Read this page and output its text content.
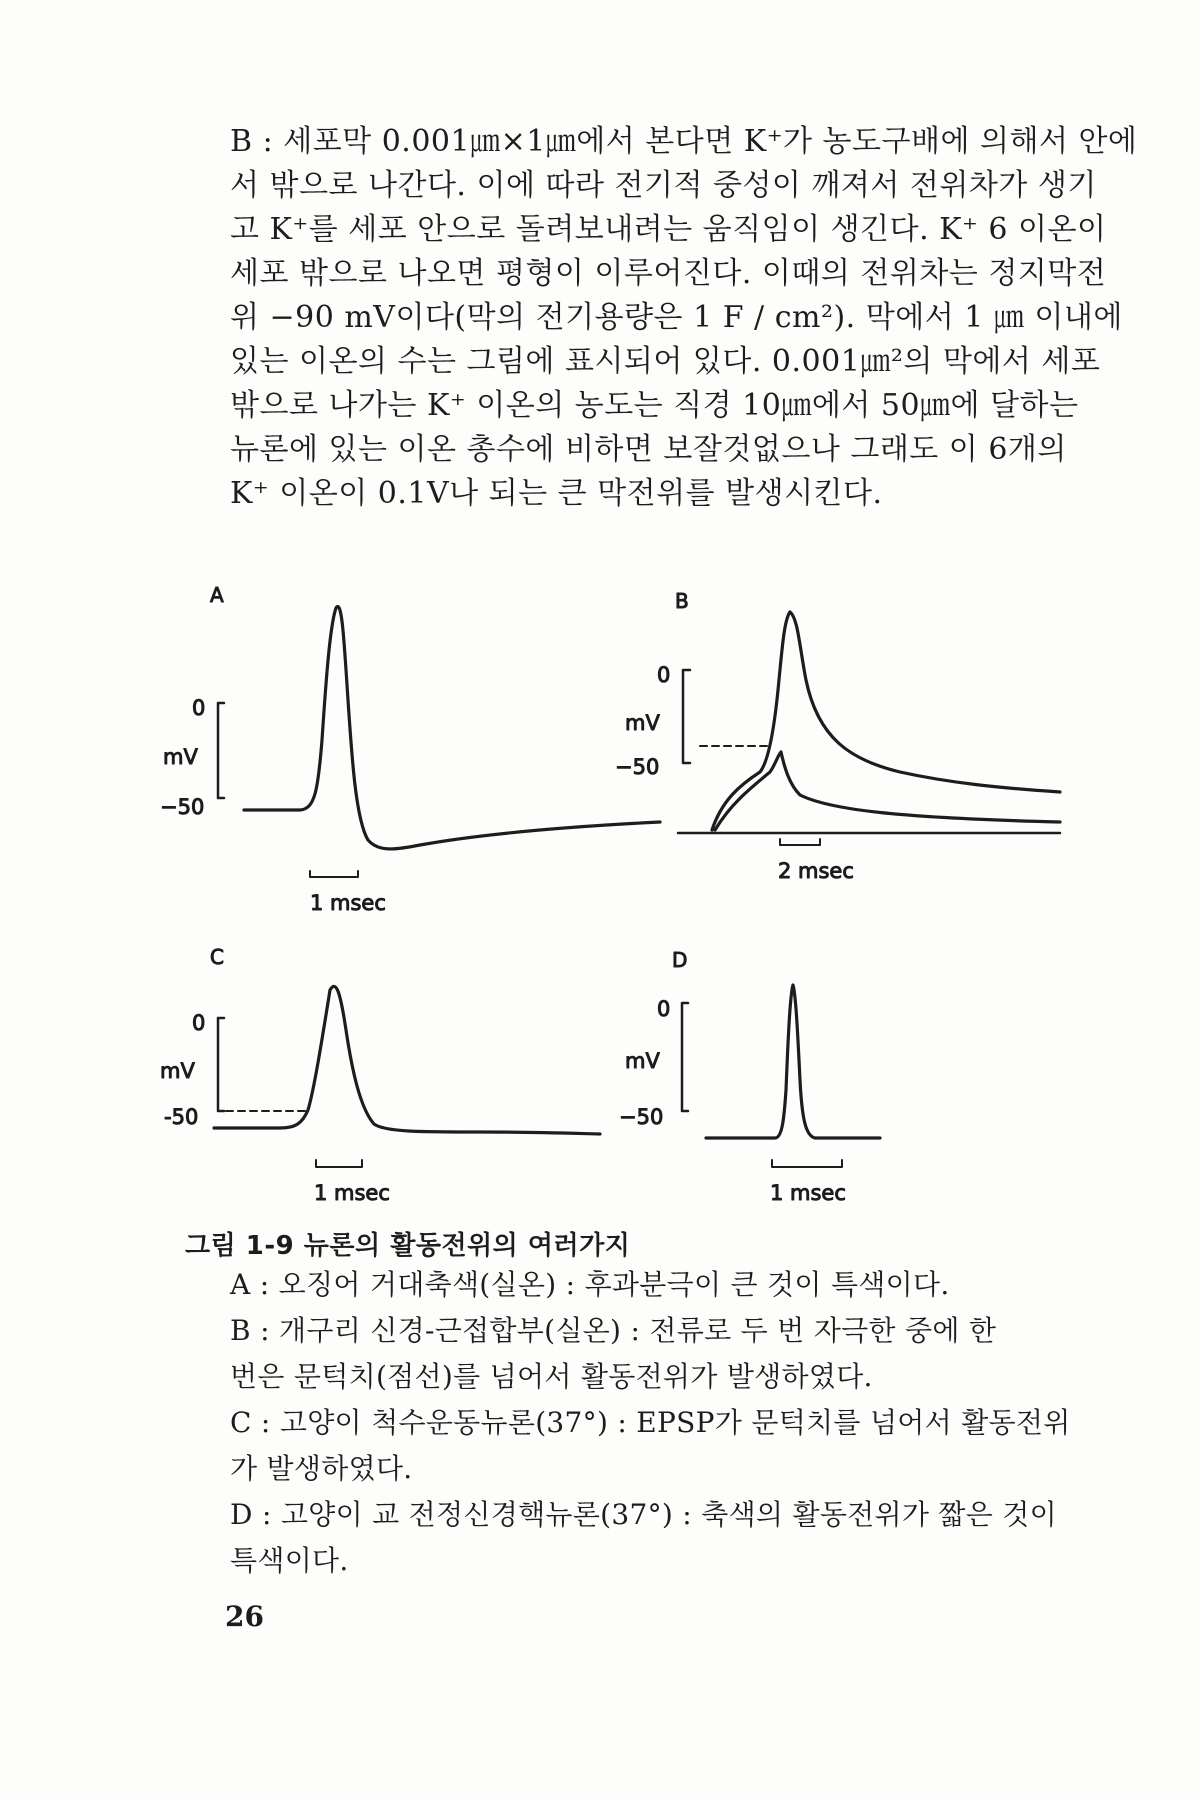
B : 세포막 0.001㎛×1㎛에서 본다면 K⁺가 농도구배에 의해서 안에
서 밖으로 나간다. 이에 따라 전기적 중성이 깨져서 전위차가 생기
고 K⁺를 세포 안으로 돌려보내려는 움직임이 생긴다. K⁺ 6 이온이
세포 밖으로 나오면 평형이 이루어진다. 이때의 전위차는 정지막전
위 −90 mV이다(막의 전기용량은 1 F / cm²). 막에서 1 ㎛ 이내에
있는 이온의 수는 그림에 표시되어 있다. 0.001㎛²의 막에서 세포
밖으로 나가는 K⁺ 이온의 농도는 직경 10㎛에서 50㎛에 달하는
뉴론에 있는 이온 총수에 비하면 보잘것없으나 그래도 이 6개의
K⁺ 이온이 0.1V나 되는 큰 막전위를 발생시킨다.
A
0
mV
−50
1 msec
B
0
mV
−50
2 msec
C
0
mV
-50
1 msec
D
0
mV
−50
1 msec
그림 1-9 뉴론의 활동전위의 여러가지
A : 오징어 거대축색(실온) : 후과분극이 큰 것이 특색이다.
B : 개구리 신경-근접합부(실온) : 전류로 두 번 자극한 중에 한
번은 문턱치(점선)를 넘어서 활동전위가 발생하였다.
C : 고양이 척수운동뉴론(37°) : EPSP가 문턱치를 넘어서 활동전위
가 발생하였다.
D : 고양이 교 전정신경핵뉴론(37°) : 축색의 활동전위가 짧은 것이
특색이다.
26
